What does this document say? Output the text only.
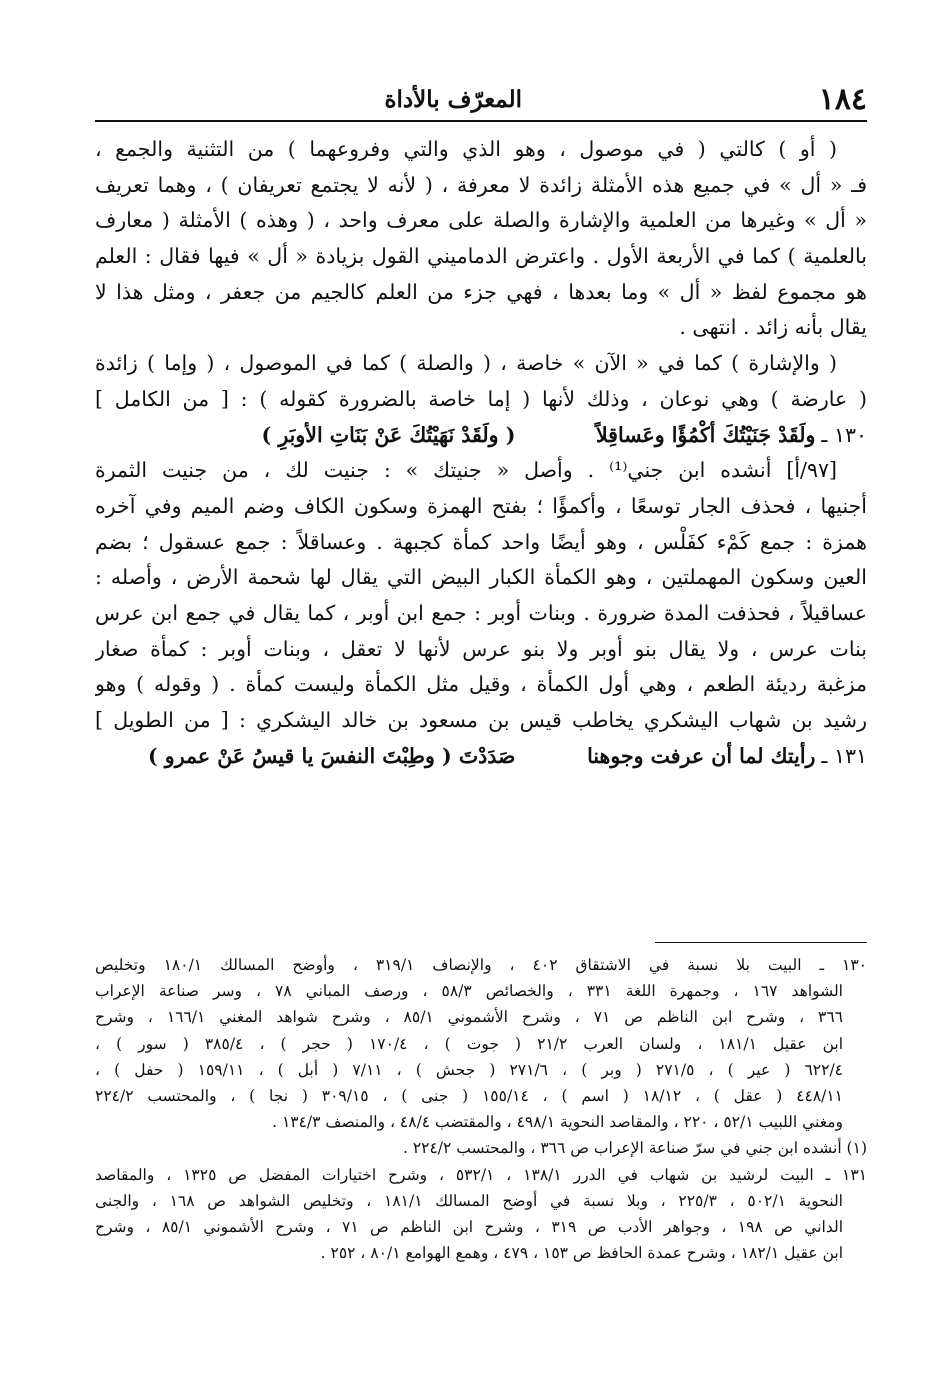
١٨٤
المعرّف بالأداة
( أو ) كالتي ( في موصول ، وهو الذي والتي وفروعهما ) من التثنية والجمع ،
فـ « أل » في جميع هذه الأمثلة زائدة لا معرفة ، ( لأنه لا يجتمع تعريفان ) ، وهما تعريف
« أل » وغيرها من العلمية والإشارة والصلة على معرف واحد ، ( وهذه ) الأمثلة ( معارف
بالعلمية ) كما في الأربعة الأول . واعترض الدماميني القول بزيادة « أل » فيها فقال : العلم
هو مجموع لفظ « أل » وما بعدها ، فهي جزء من العلم كالجيم من جعفر ، ومثل هذا لا
يقال بأنه زائد . انتهى .
( والإشارة ) كما في « الآن » خاصة ، ( والصلة ) كما في الموصول ، ( وإما ) زائدة
( عارضة ) وهي نوعان ، وذلك لأنها ( إما خاصة بالضرورة كقوله ) : [ من الكامل ]
١٣٠ ـولَقَدْ جَنَيْتُكَ أكْمُؤًا وعَساقِلاً( ولَقَدْ نَهَيْتُكَ عَنْ بَنَاتِ الأوبَرِ )
[٩٧/أ] أنشده ابن جني⁽¹⁾ . وأصل « جنيتك » : جنيت لك ، من جنيت الثمرة
أجنيها ، فحذف الجار توسعًا ، وأكمؤًا ؛ بفتح الهمزة وسكون الكاف وضم الميم وفي آخره
همزة : جمع كَمْء كفَلْس ، وهو أيضًا واحد كمأة كجبهة . وعساقلاً : جمع عسقول ؛ بضم
العين وسكون المهملتين ، وهو الكمأة الكبار البيض التي يقال لها شحمة الأرض ، وأصله :
عساقيلاً ، فحذفت المدة ضرورة . وبنات أوبر : جمع ابن أوبر ، كما يقال في جمع ابن عرس
بنات عرس ، ولا يقال بنو أوبر ولا بنو عرس لأنها لا تعقل ، وبنات أوبر : كمأة صغار
مزغبة رديئة الطعم ، وهي أول الكمأة ، وقيل مثل الكمأة وليست كمأة . ( وقوله ) وهو
رشيد بن شهاب اليشكري يخاطب قيس بن مسعود بن خالد اليشكري : [ من الطويل ]
١٣١ ـرأيتك لما أن عرفت وجوهناصَدَدْتَ ( وطِبْتَ النفسَ يا قيسُ عَنْ عمرو )
١٣٠ ـ البيت بلا نسبة في الاشتقاق ٤٠٢ ، والإنصاف ٣١٩/١ ، وأوضح المسالك ١٨٠/١ وتخليص
الشواهد ١٦٧ ، وجمهرة اللغة ٣٣١ ، والخصائص ٥٨/٣ ، ورصف المباني ٧٨ ، وسر صناعة الإعراب
٣٦٦ ، وشرح ابن الناظم ص ٧١ ، وشرح الأشموني ٨٥/١ ، وشرح شواهد المغني ١٦٦/١ ، وشرح
ابن عقيل ١٨١/١ ، ولسان العرب ٢١/٢ ( جوت ) ، ١٧٠/٤ ( حجر ) ، ٣٨٥/٤ ( سور ) ،
٦٢٢/٤ ( عير ) ، ٢٧١/٥ ( وبر ) ، ٢٧١/٦ ( جحش ) ، ٧/١١ ( أبل ) ، ١٥٩/١١ ( حفل ) ،
٤٤٨/١١ ( عقل ) ، ١٨/١٢ ( اسم ) ، ١٥٥/١٤ ( جنى ) ، ٣٠٩/١٥ ( نجا ) ، والمحتسب ٢٢٤/٢
ومغني اللبيب ٥٢/١ ، ٢٢٠ ، والمقاصد النحوية ٤٩٨/١ ، والمقتضب ٤٨/٤ ، والمنصف ١٣٤/٣ .
(١) أنشده ابن جني في سرّ صناعة الإعراب ص ٣٦٦ ، والمحتسب ٢٢٤/٢ .
١٣١ ـ البيت لرشيد بن شهاب في الدرر ١٣٨/١ ، ٥٣٢/١ ، وشرح اختيارات المفضل ص ١٣٢٥ ، والمقاصد
النحوية ٥٠٢/١ ، ٢٢٥/٣ ، وبلا نسبة في أوضح المسالك ١٨١/١ ، وتخليص الشواهد ص ١٦٨ ، والجنى
الداني ص ١٩٨ ، وجواهر الأدب ص ٣١٩ ، وشرح ابن الناظم ص ٧١ ، وشرح الأشموني ٨٥/١ ، وشرح
ابن عقيل ١٨٢/١ ، وشرح عمدة الحافظ ص ١٥٣ ، ٤٧٩ ، وهمع الهوامع ٨٠/١ ، ٢٥٢ .
